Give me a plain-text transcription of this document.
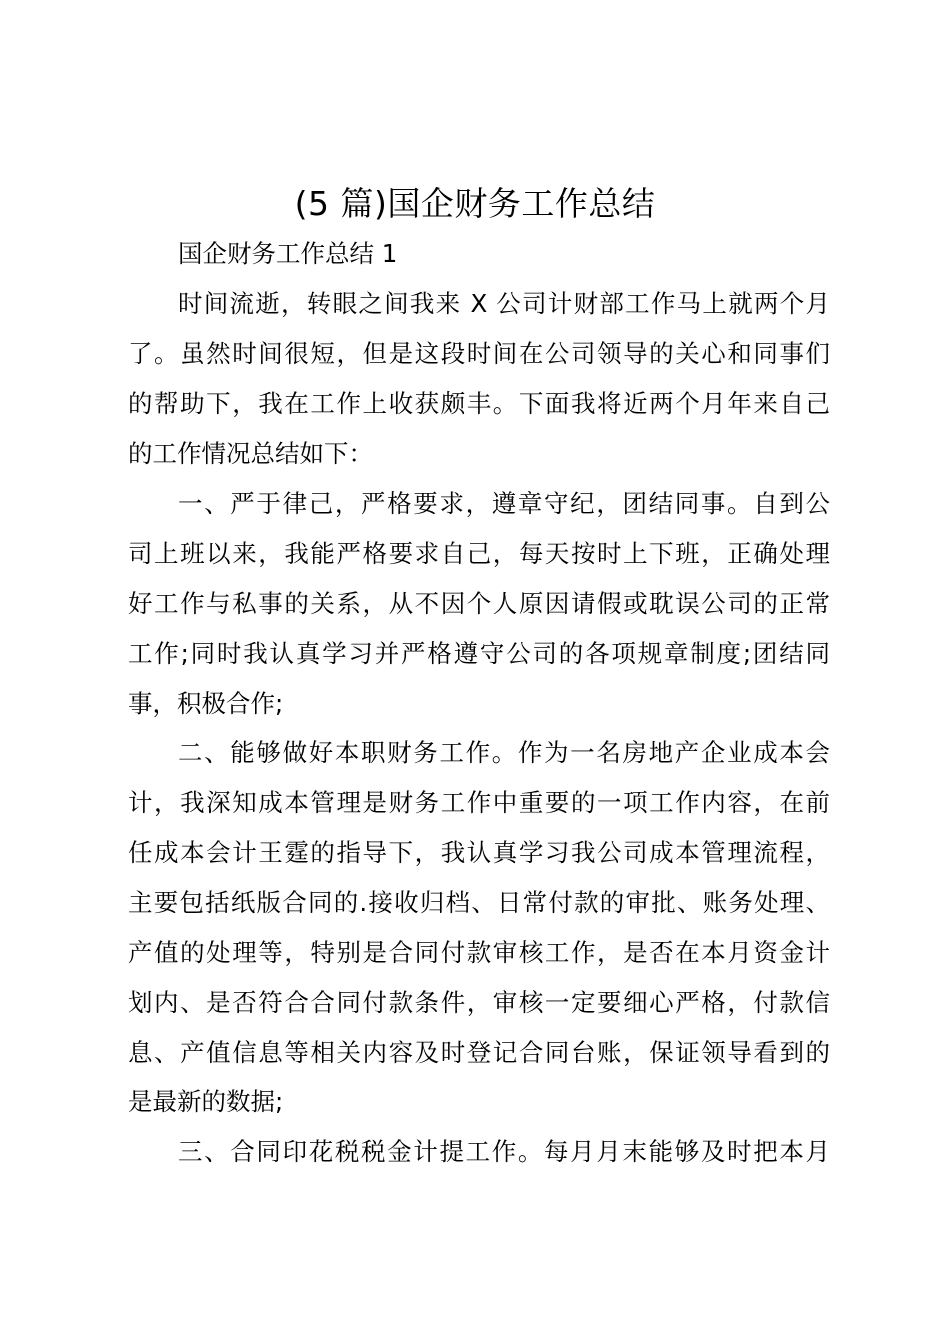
(5 篇)国企财务工作总结
国企财务工作总结 1
时间流逝，转眼之间我来 X 公司计财部工作马上就两个月
了。虽然时间很短，但是这段时间在公司领导的关心和同事们
的帮助下，我在工作上收获颇丰。下面我将近两个月年来自己
的工作情况总结如下：
一、严于律己，严格要求，遵章守纪，团结同事。自到公
司上班以来，我能严格要求自己，每天按时上下班，正确处理
好工作与私事的关系，从不因个人原因请假或耽误公司的正常
工作;同时我认真学习并严格遵守公司的各项规章制度;团结同
事，积极合作;
二、能够做好本职财务工作。作为一名房地产企业成本会
计，我深知成本管理是财务工作中重要的一项工作内容，在前
任成本会计王霆的指导下，我认真学习我公司成本管理流程，
主要包括纸版合同的.接收归档、日常付款的审批、账务处理、
产值的处理等，特别是合同付款审核工作，是否在本月资金计
划内、是否符合合同付款条件，审核一定要细心严格，付款信
息、产值信息等相关内容及时登记合同台账，保证领导看到的
是最新的数据;
三、合同印花税税金计提工作。每月月末能够及时把本月
